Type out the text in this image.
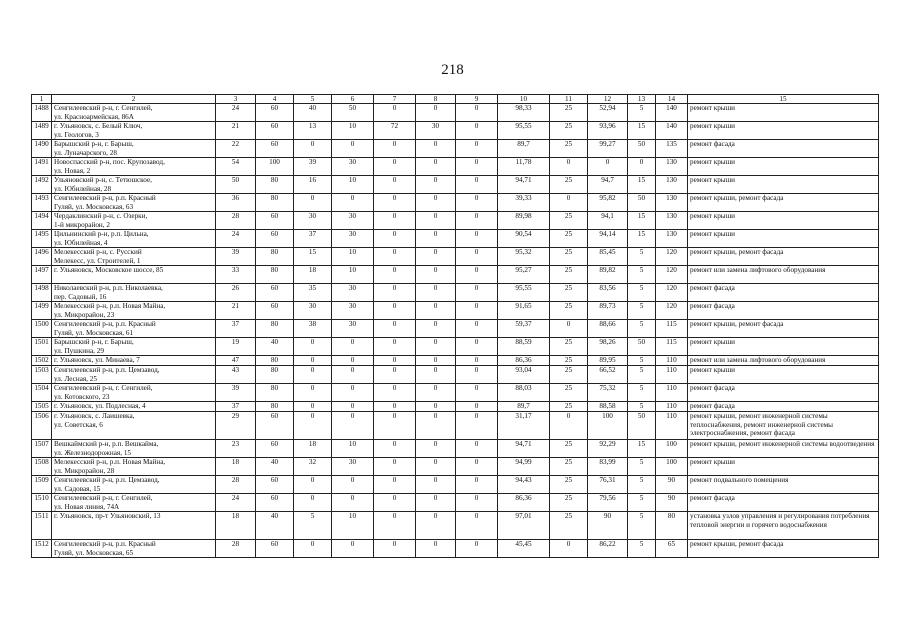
218
1	2	3	4	5	6	7	8	9	10	11	12	13	14	15
1488	Сенгилеевский р-н, г. Сенгилей,
ул. Красноармейская, 86А	24	60	40	50	0	0	0	98,33	25	52,94	5	140	ремонт крыши
1489	г. Ульяновск, с. Белый Ключ,
ул. Геологов, 3	21	60	13	10	72	30	0	95,55	25	93,96	15	140	ремонт крыши
1490	Барышский р-н, г. Барыш,
ул. Луначарского, 28	22	60	0	0	0	0	0	89,7	25	99,27	50	135	ремонт фасада
1491	Новоспасский р-н, пос. Крупозавод,
ул. Новая, 2	54	100	39	30	0	0	0	11,78	0	0	0	130	ремонт крыши
1492	Ульяновский р-н, с. Тетюшское,
ул. Юбилейная, 28	50	80	16	10	0	0	0	94,71	25	94,7	15	130	ремонт крыши
1493	Сенгилеевский р-н, р.п. Красный
Гуляй, ул. Московская, 63	36	80	0	0	0	0	0	39,33	0	95,82	50	130	ремонт крыши, ремонт фасада
1494	Чердаклинский р-н, с. Озерки,
1-й микрорайон, 2	28	60	30	30	0	0	0	89,98	25	94,1	15	130	ремонт крыши
1495	Цильнинский р-н, р.п. Цильна,
ул. Юбилейная, 4	24	60	37	30	0	0	0	90,54	25	94,14	15	130	ремонт крыши
1496	Мелекесский р-н, с. Русский
Мелекесс, ул. Строителей, 1	39	80	15	10	0	0	0	95,32	25	85,45	5	120	ремонт крыши, ремонт фасада
1497	г. Ульяновск, Московское шоссе, 85	33	80	18	10	0	0	0	95,27	25	89,82	5	120	ремонт или замена лифтового оборудования
1498	Николаевский р-н, р.п. Николаевка,
пер. Садовый, 16	26	60	35	30	0	0	0	95,55	25	83,56	5	120	ремонт фасада
1499	Мелекесский р-н, р.п. Новая Майна,
ул. Микрорайон, 23	21	60	30	30	0	0	0	91,65	25	89,73	5	120	ремонт фасада
1500	Сенгилеевский р-н, р.п. Красный
Гуляй, ул. Московская, 61	37	80	38	30	0	0	0	59,37	0	88,66	5	115	ремонт крыши, ремонт фасада
1501	Барышский р-н, г. Барыш,
ул. Пушкина, 29	19	40	0	0	0	0	0	88,59	25	98,26	50	115	ремонт крыши
1502	г. Ульяновск, ул. Минаева, 7	47	80	0	0	0	0	0	86,36	25	89,95	5	110	ремонт или замена лифтового оборудования
1503	Сенгилеевский р-н, р.п. Цемзавод,
ул. Лесная, 25	43	80	0	0	0	0	0	93,04	25	66,52	5	110	ремонт крыши
1504	Сенгилеевский р-н, г. Сенгилей,
ул. Котовского, 23	39	80	0	0	0	0	0	88,03	25	75,32	5	110	ремонт фасада
1505	г. Ульяновск, ул. Подлесная, 4	37	80	0	0	0	0	0	89,7	25	88,58	5	110	ремонт фасада
1506	г. Ульяновск, с. Лаишевка,
ул. Советская, 6	29	60	0	0	0	0	0	31,17	0	100	50	110	ремонт крыши, ремонт инженерной системы теплоснабжения, ремонт инженерной системы электроснабжения, ремонт фасада
1507	Вешкаймский р-н, р.п. Вешкайма,
ул. Железнодорожная, 15	23	60	18	10	0	0	0	94,71	25	92,29	15	100	ремонт крыши, ремонт инженерной системы водоотведения
1508	Мелекесский р-н, р.п. Новая Майна,
ул. Микрорайон, 28	18	40	32	30	0	0	0	94,99	25	83,99	5	100	ремонт крыши
1509	Сенгилеевский р-н, р.п. Цемзавод,
ул. Садовая, 15	28	60	0	0	0	0	0	94,43	25	76,31	5	90	ремонт подвального помещения
1510	Сенгилеевский р-н, г. Сенгилей,
ул. Новая линия, 74А	24	60	0	0	0	0	0	86,36	25	79,56	5	90	ремонт фасада
1511	г. Ульяновск, пр-т Ульяновский, 13	18	40	5	10	0	0	0	97,01	25	90	5	80	установка узлов управления и регулирования потребления тепловой энергии и горячего водоснабжения
1512	Сенгилеевский р-н, р.п. Красный
Гуляй, ул. Московская, 65	28	60	0	0	0	0	0	45,45	0	86,22	5	65	ремонт крыши, ремонт фасада
